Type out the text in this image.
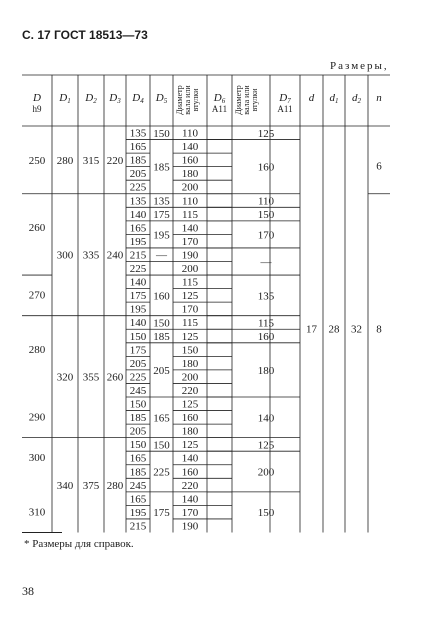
С. 17 ГОСТ 18513—73
Размеры,
D
h9
D1 D2 D3 D4 D5 Диаметр вала или втулки	Диаметр вала или втулки
D6
A11
D7
A11
d d1 d2 n
250
260
270
280
290
300
310
280 315 220
300 335 240
320 355 260
340 375 280
135
165
185
205
225
135
140
165
195
215
225
140
175
195
140
150
175
205
225
245
150
185
205
150
165
185
245
165
195
215
150
185
135
175
195
—
160
150
185
205
165
150
225
175
110
140
160
180
200
110
115
140
170
190
200
115
125
170
115
125
150
180
200
220
125
160
180
125
140
160
220
140
170
190
125
160
110
150
170
—
135
115
160
180
140
125
200
150
17 28 32
6
8
* Размеры для справок.
38
